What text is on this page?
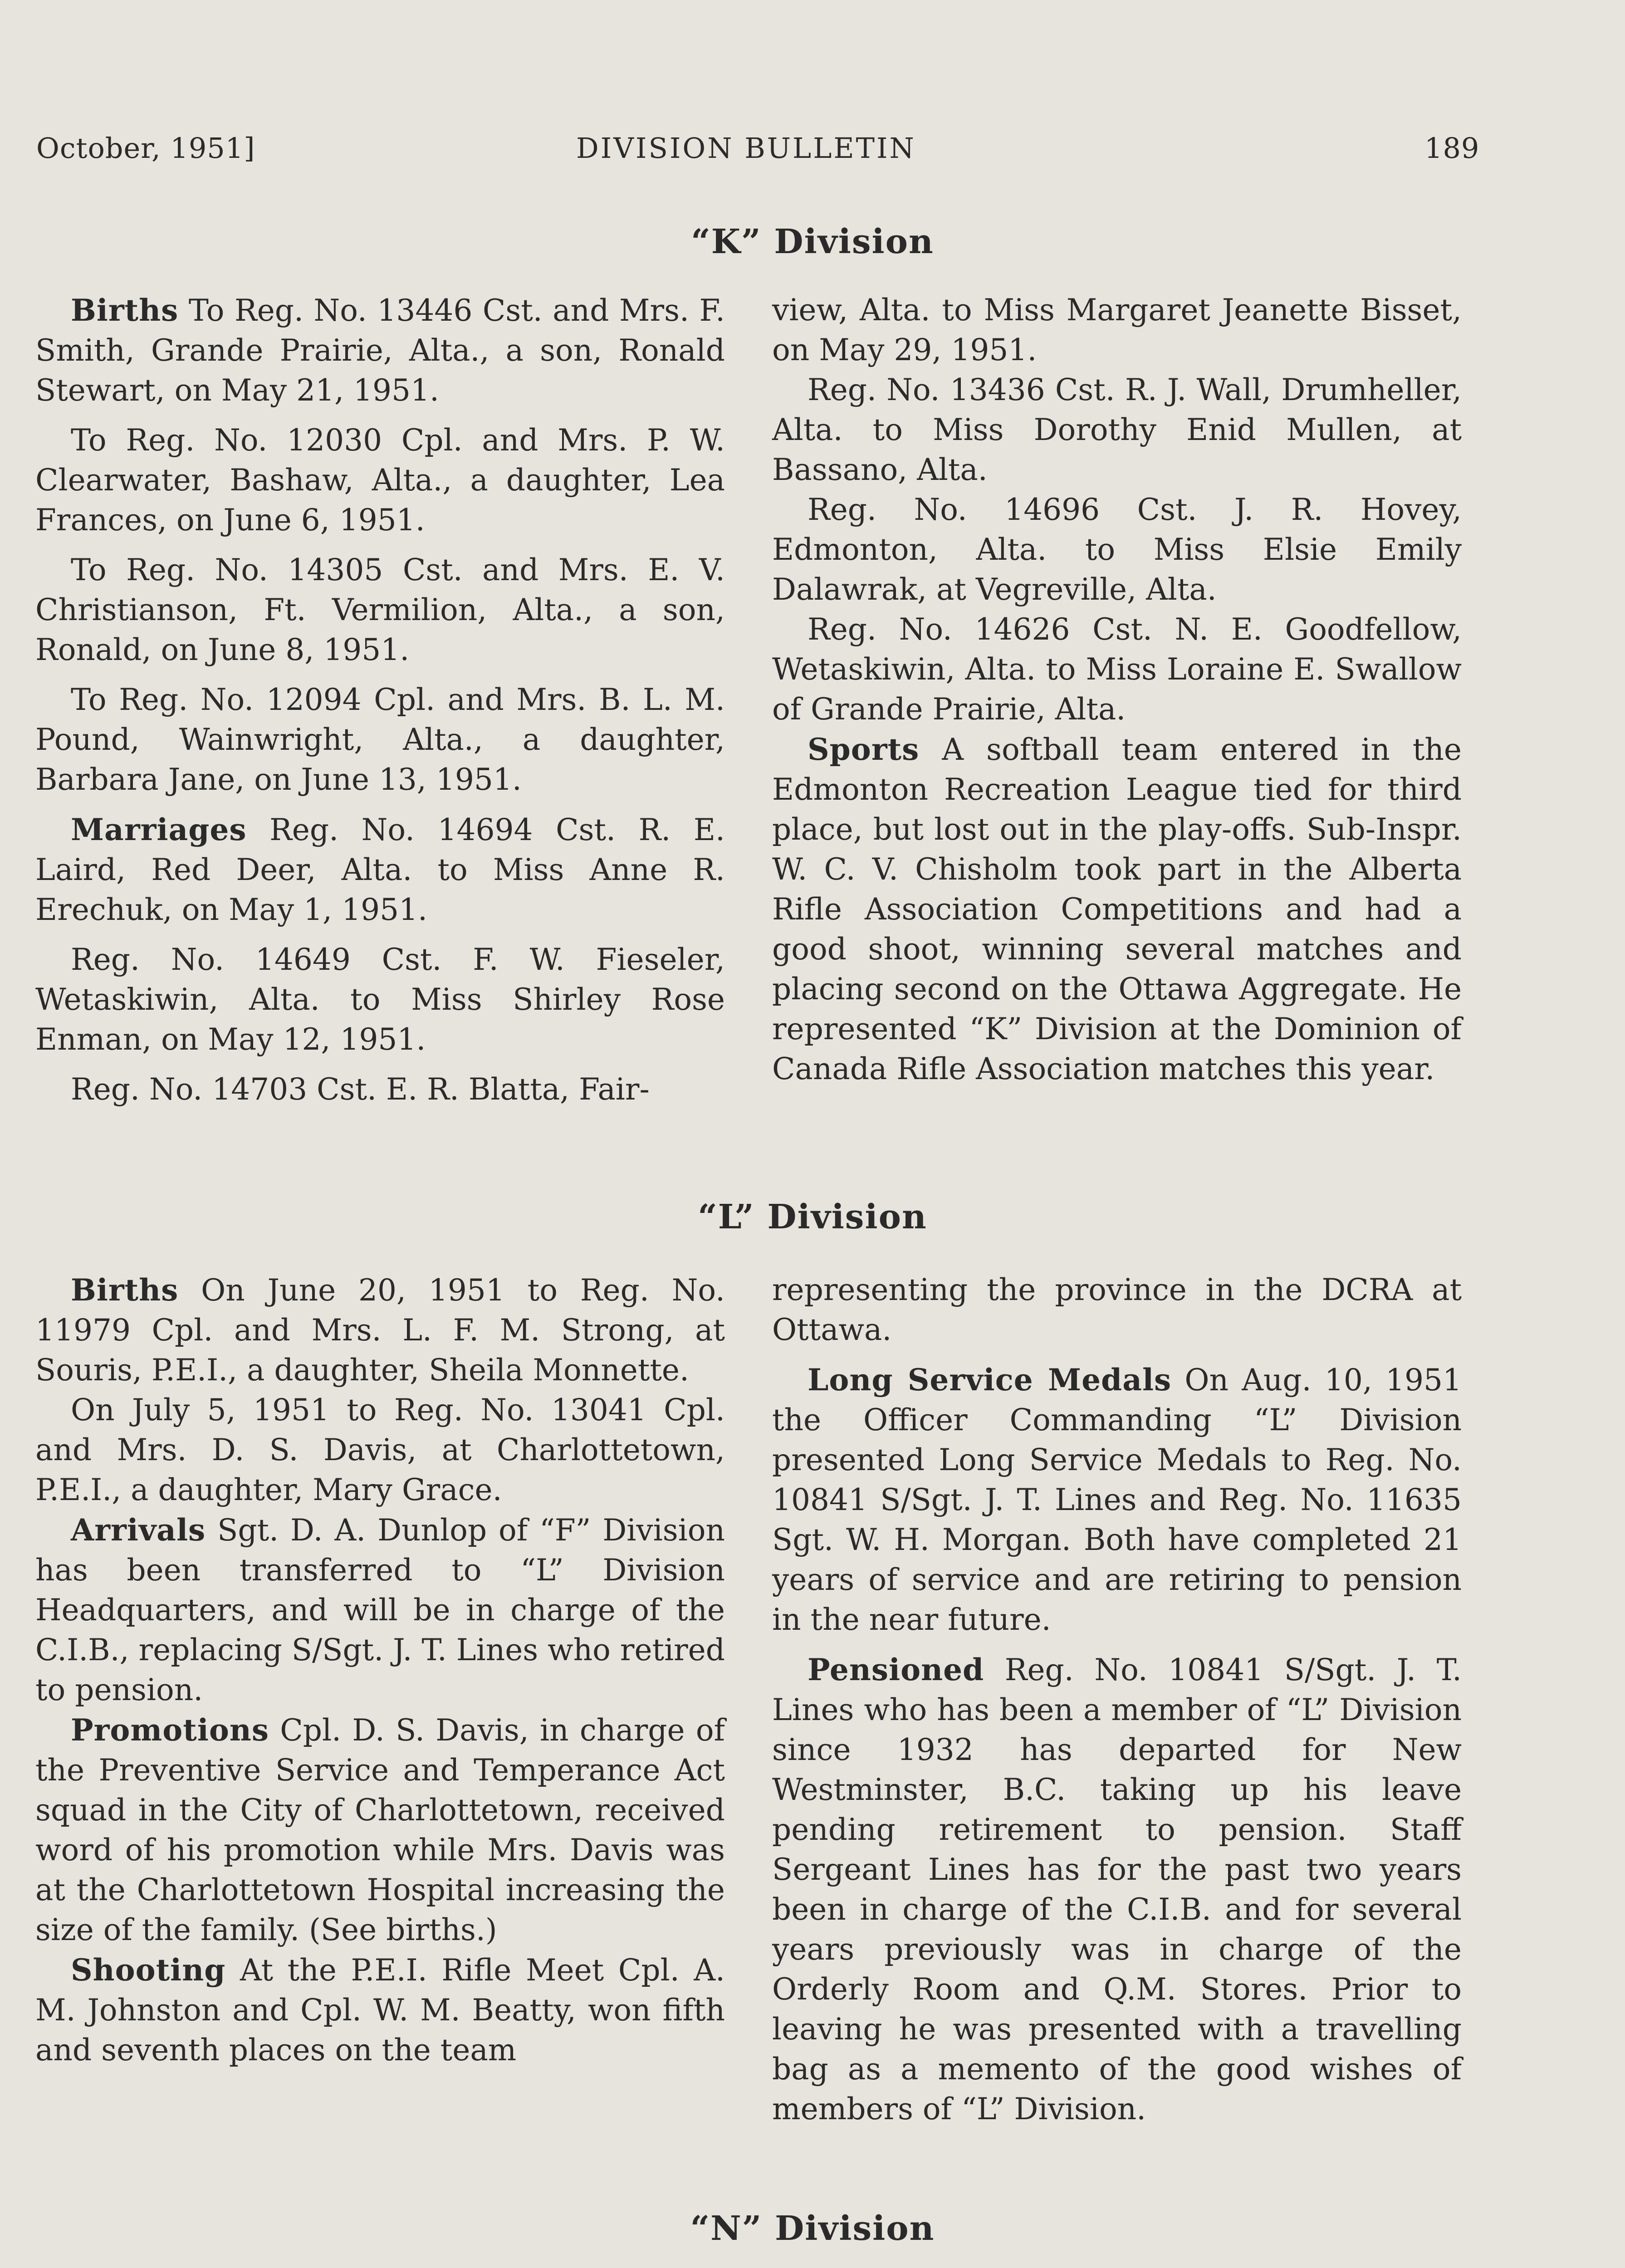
October, 1951]	DIVISION BULLETIN	189
“K” Division

Births To Reg. No. 13446 Cst. and Mrs. F. Smith, Grande Prairie, Alta., a son, Ronald Stewart, on May 21, 1951.

To Reg. No. 12030 Cpl. and Mrs. P. W. Clearwater, Bashaw, Alta., a daughter, Lea Frances, on June 6, 1951.

To Reg. No. 14305 Cst. and Mrs. E. V. Christianson, Ft. Vermilion, Alta., a son, Ronald, on June 8, 1951.

To Reg. No. 12094 Cpl. and Mrs. B. L. M. Pound, Wainwright, Alta., a daughter, Barbara Jane, on June 13, 1951.

Marriages Reg. No. 14694 Cst. R. E. Laird, Red Deer, Alta. to Miss Anne R. Erechuk, on May 1, 1951.

Reg. No. 14649 Cst. F. W. Fieseler, Wetaskiwin, Alta. to Miss Shirley Rose Enman, on May 12, 1951.

Reg. No. 14703 Cst. E. R. Blatta, Fair-

view, Alta. to Miss Margaret Jeanette Bisset, on May 29, 1951.

Reg. No. 13436 Cst. R. J. Wall, Drumheller, Alta. to Miss Dorothy Enid Mullen, at Bassano, Alta.

Reg. No. 14696 Cst. J. R. Hovey, Edmonton, Alta. to Miss Elsie Emily Dalawrak, at Vegreville, Alta.

Reg. No. 14626 Cst. N. E. Goodfellow, Wetaskiwin, Alta. to Miss Loraine E. Swallow of Grande Prairie, Alta.

Sports A softball team entered in the Edmonton Recreation League tied for third place, but lost out in the play-offs. Sub-Inspr. W. C. V. Chisholm took part in the Alberta Rifle Association Competitions and had a good shoot, winning several matches and placing second on the Ottawa Aggregate. He represented “K” Division at the Dominion of Canada Rifle Association matches this year.

“L” Division

Births On June 20, 1951 to Reg. No. 11979 Cpl. and Mrs. L. F. M. Strong, at Souris, P.E.I., a daughter, Sheila Monnette.

On July 5, 1951 to Reg. No. 13041 Cpl. and Mrs. D. S. Davis, at Charlottetown, P.E.I., a daughter, Mary Grace.

Arrivals Sgt. D. A. Dunlop of “F” Division has been transferred to “L” Division Headquarters, and will be in charge of the C.I.B., replacing S/Sgt. J. T. Lines who retired to pension.

Promotions Cpl. D. S. Davis, in charge of the Preventive Service and Temperance Act squad in the City of Charlottetown, received word of his promotion while Mrs. Davis was at the Charlottetown Hospital increasing the size of the family. (See births.)

Shooting At the P.E.I. Rifle Meet Cpl. A. M. Johnston and Cpl. W. M. Beatty, won fifth and seventh places on the team

representing the province in the DCRA at Ottawa.

Long Service Medals On Aug. 10, 1951 the Officer Commanding “L” Division presented Long Service Medals to Reg. No. 10841 S/Sgt. J. T. Lines and Reg. No. 11635 Sgt. W. H. Morgan. Both have completed 21 years of service and are retiring to pension in the near future.

Pensioned Reg. No. 10841 S/Sgt. J. T. Lines who has been a member of “L” Division since 1932 has departed for New Westminster, B.C. taking up his leave pending retirement to pension. Staff Sergeant Lines has for the past two years been in charge of the C.I.B. and for several years previously was in charge of the Orderly Room and Q.M. Stores. Prior to leaving he was presented with a travelling bag as a memento of the good wishes of members of “L” Division.

“N” Division
